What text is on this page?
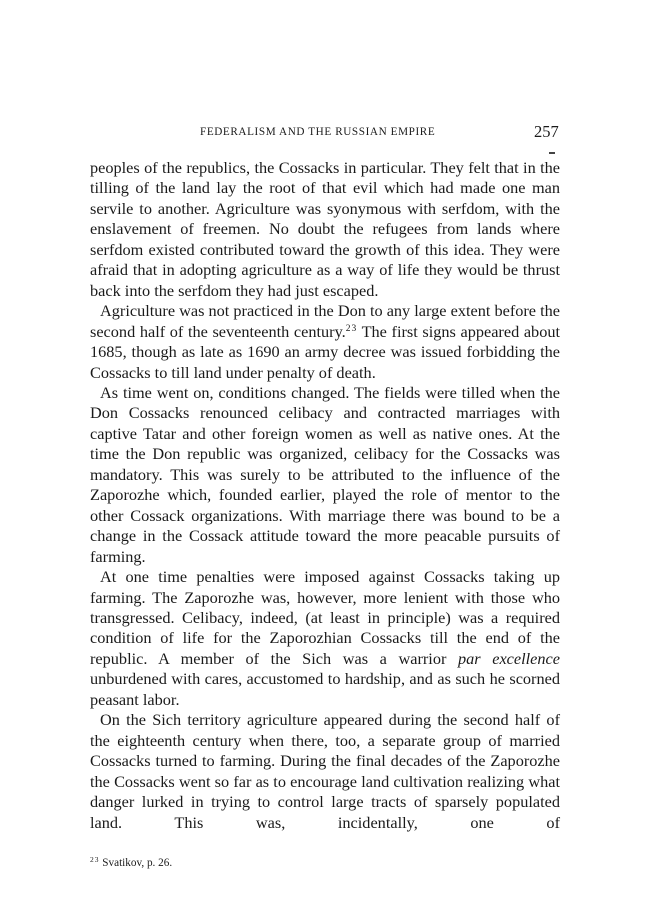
FEDERALISM AND THE RUSSIAN EMPIRE	257

peoples of the republics, the Cossacks in particular. They felt that in the tilling of the land lay the root of that evil which had made one man servile to another. Agriculture was syonymous with serfdom, with the enslavement of freemen. No doubt the refugees from lands where serfdom existed contributed toward the growth of this idea. They were afraid that in adopting agriculture as a way of life they would be thrust back into the serfdom they had just escaped.

Agriculture was not practiced in the Don to any large extent before the second half of the seventeenth century.$^{23}$ The first signs appeared about 1685, though as late as 1690 an army decree was issued forbidding the Cossacks to till land under penalty of death.

As time went on, conditions changed. The fields were tilled when the Don Cossacks renounced celibacy and contracted marriages with captive Tatar and other foreign women as well as native ones. At the time the Don republic was organized, celibacy for the Cossacks was mandatory. This was surely to be attributed to the influence of the Zaporozhe which, founded earlier, played the role of mentor to the other Cossack organizations. With marriage there was bound to be a change in the Cossack attitude toward the more peacable pursuits of farming.

At one time penalties were imposed against Cossacks taking up farming. The Zaporozhe was, however, more lenient with those who transgressed. Celibacy, indeed, (at least in principle) was a required condition of life for the Zaporozhian Cossacks till the end of the republic. A member of the Sich was a warrior par excellence unburdened with cares, accustomed to hardship, and as such he scorned peasant labor.

On the Sich territory agriculture appeared during the second half of the eighteenth century when there, too, a separate group of married Cossacks turned to farming. During the final decades of the Zaporozhe the Cossacks went so far as to encourage land cultivation realizing what danger lurked in trying to control large tracts of sparsely populated land. This was, incidentally, one of

$^{23}$ Svatikov, p. 26.
